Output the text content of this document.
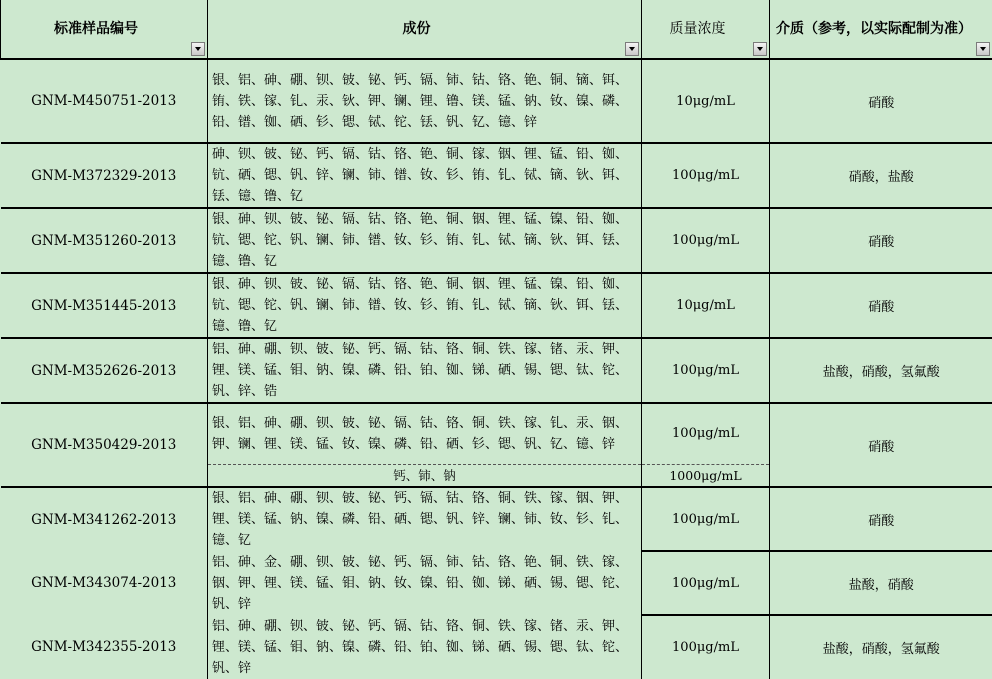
标准样品编号	成份	质量浓度	介质（参考，以实际配制为准）

GNM-M450751-2013	银、铝、砷、硼、钡、铍、铋、钙、镉、铈、钴、铬、铯、铜、镝、铒、铕、铁、镓、钆、汞、钬、钾、镧、锂、镥、镁、锰、钠、钕、镍、磷、铅、镨、铷、硒、钐、锶、铽、铊、铥、钒、钇、镱、锌	10μg/mL	硝酸
GNM-M372329-2013	砷、钡、铍、铋、钙、镉、钴、铬、铯、铜、镓、铟、锂、锰、铅、铷、钪、硒、锶、钒、锌、镧、铈、镨、钕、钐、铕、钆、铽、镝、钬、铒、铥、镱、镥、钇	100μg/mL	硝酸，盐酸
GNM-M351260-2013	银、砷、钡、铍、铋、镉、钴、铬、铯、铜、铟、锂、锰、镍、铅、铷、钪、锶、铊、钒、镧、铈、镨、钕、钐、铕、钆、铽、镝、钬、铒、铥、镱、镥、钇	100μg/mL	硝酸
GNM-M351445-2013	银、砷、钡、铍、铋、镉、钴、铬、铯、铜、铟、锂、锰、镍、铅、铷、钪、锶、铊、钒、镧、铈、镨、钕、钐、铕、钆、铽、镝、钬、铒、铥、镱、镥、钇	10μg/mL	硝酸
GNM-M352626-2013	铝、砷、硼、钡、铍、铋、钙、镉、钴、铬、铜、铁、镓、锗、汞、钾、锂、镁、锰、钼、钠、镍、磷、铅、铂、铷、锑、硒、锡、锶、钛、铊、钒、锌、锆	100μg/mL	盐酸，硝酸，氢氟酸
GNM-M350429-2013	银、铝、砷、硼、钡、铍、铋、镉、钴、铬、铜、铁、镓、钆、汞、铟、钾、镧、锂、镁、锰、钕、镍、磷、铅、硒、钐、锶、钒、钇、镱、锌	100μg/mL	硝酸
	钙、铈、钠	1000μg/mL	
GNM-M341262-2013	银、铝、砷、硼、钡、铍、铋、钙、镉、钴、铬、铜、铁、镓、铟、钾、锂、镁、锰、钠、镍、磷、铅、硒、锶、钒、锌、镧、铈、钕、钐、钆、镱、钇	100μg/mL	硝酸
GNM-M343074-2013	铝、砷、金、硼、钡、铍、铋、钙、镉、铈、钴、铬、铯、铜、铁、镓、铟、钾、锂、镁、锰、钼、钠、钕、镍、铅、铷、锑、硒、锡、锶、铊、钒、锌	100μg/mL	盐酸，硝酸
GNM-M342355-2013	铝、砷、硼、钡、铍、铋、钙、镉、钴、铬、铜、铁、镓、锗、汞、钾、锂、镁、锰、钼、钠、镍、磷、铅、铂、铷、锑、硒、锡、锶、钛、铊、钒、锌	100μg/mL	盐酸，硝酸，氢氟酸
